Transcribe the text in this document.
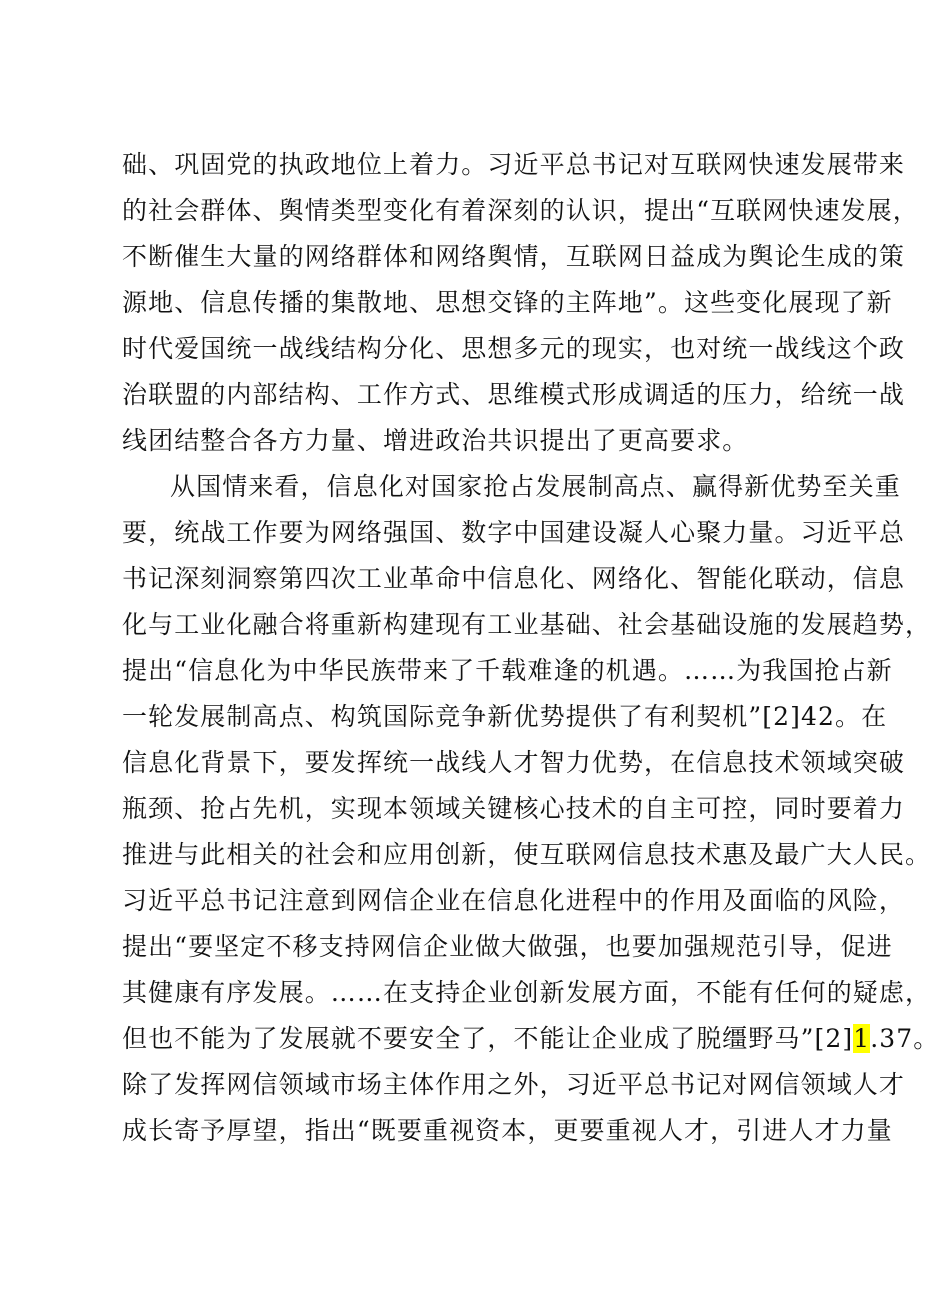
础、巩固党的执政地位上着力。习近平总书记对互联网快速发展带来
的社会群体、舆情类型变化有着深刻的认识，提出“互联网快速发展，
不断催生大量的网络群体和网络舆情，互联网日益成为舆论生成的策
源地、信息传播的集散地、思想交锋的主阵地”。这些变化展现了新
时代爱国统一战线结构分化、思想多元的现实，也对统一战线这个政
治联盟的内部结构、工作方式、思维模式形成调适的压力，给统一战
线团结整合各方力量、增进政治共识提出了更高要求。
从国情来看，信息化对国家抢占发展制高点、赢得新优势至关重
要，统战工作要为网络强国、数字中国建设凝人心聚力量。习近平总
书记深刻洞察第四次工业革命中信息化、网络化、智能化联动，信息
化与工业化融合将重新构建现有工业基础、社会基础设施的发展趋势，
提出“信息化为中华民族带来了千载难逢的机遇。……为我国抢占新
一轮发展制高点、构筑国际竞争新优势提供了有利契机”[2]42。在
信息化背景下，要发挥统一战线人才智力优势，在信息技术领域突破
瓶颈、抢占先机，实现本领域关键核心技术的自主可控，同时要着力
推进与此相关的社会和应用创新，使互联网信息技术惠及最广大人民。
习近平总书记注意到网信企业在信息化进程中的作用及面临的风险，
提出“要坚定不移支持网信企业做大做强，也要加强规范引导，促进
其健康有序发展。……在支持企业创新发展方面，不能有任何的疑虑，
但也不能为了发展就不要安全了，不能让企业成了脱缰野马”[2]1.37。
除了发挥网信领域市场主体作用之外，习近平总书记对网信领域人才
成长寄予厚望，指出“既要重视资本，更要重视人才，引进人才力量
